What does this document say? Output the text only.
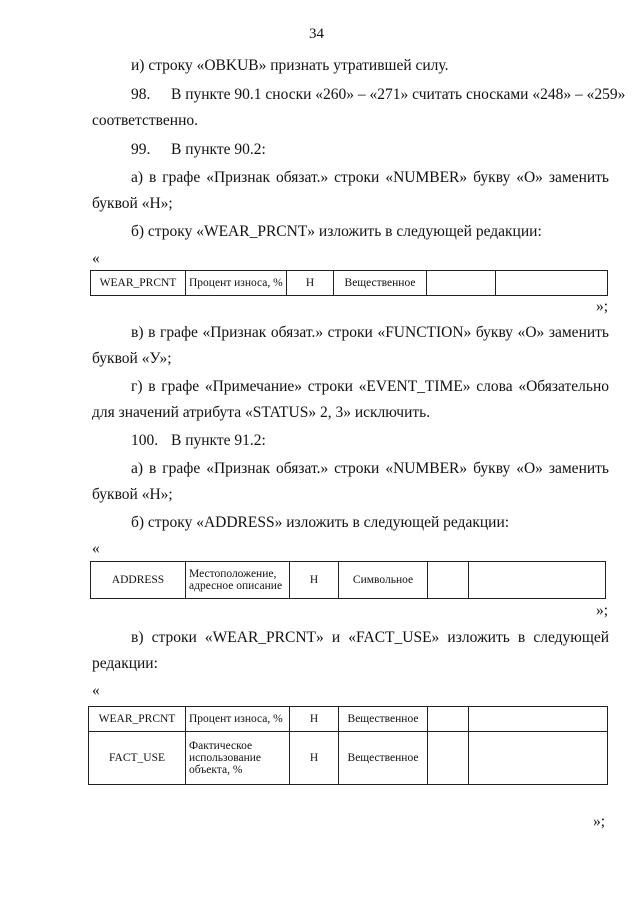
34
и) строку «OBKUB» признать утратившей силу.
98. В пункте 90.1 сноски «260» – «271» считать сносками «248» – «259»
соответственно.
99. В пункте 90.2:
а) в графе «Признак обязат.» строки «NUMBER» букву «О» заменить
буквой «Н»;
б) строку «WEAR_PRCNT» изложить в следующей редакции:
«
WEAR_PRCNT	Процент износа, %	Н	Вещественное		
»;
в) в графе «Признак обязат.» строки «FUNCTION» букву «О» заменить
буквой «У»;
г) в графе «Примечание» строки «EVENT_TIME» слова «Обязательно
для значений атрибута «STATUS» 2, 3» исключить.
100. В пункте 91.2:
а) в графе «Признак обязат.» строки «NUMBER» букву «О» заменить
буквой «Н»;
б) строку «ADDRESS» изложить в следующей редакции:
«
ADDRESS	Местоположение, адресное описание	Н	Символьное		
»;
в) строки «WEAR_PRCNT» и «FACT_USE» изложить в следующей
редакции:
«
WEAR_PRCNT	Процент износа, %	Н	Вещественное		
FACT_USE	Фактическое использование объекта, %	Н	Вещественное		
»;
